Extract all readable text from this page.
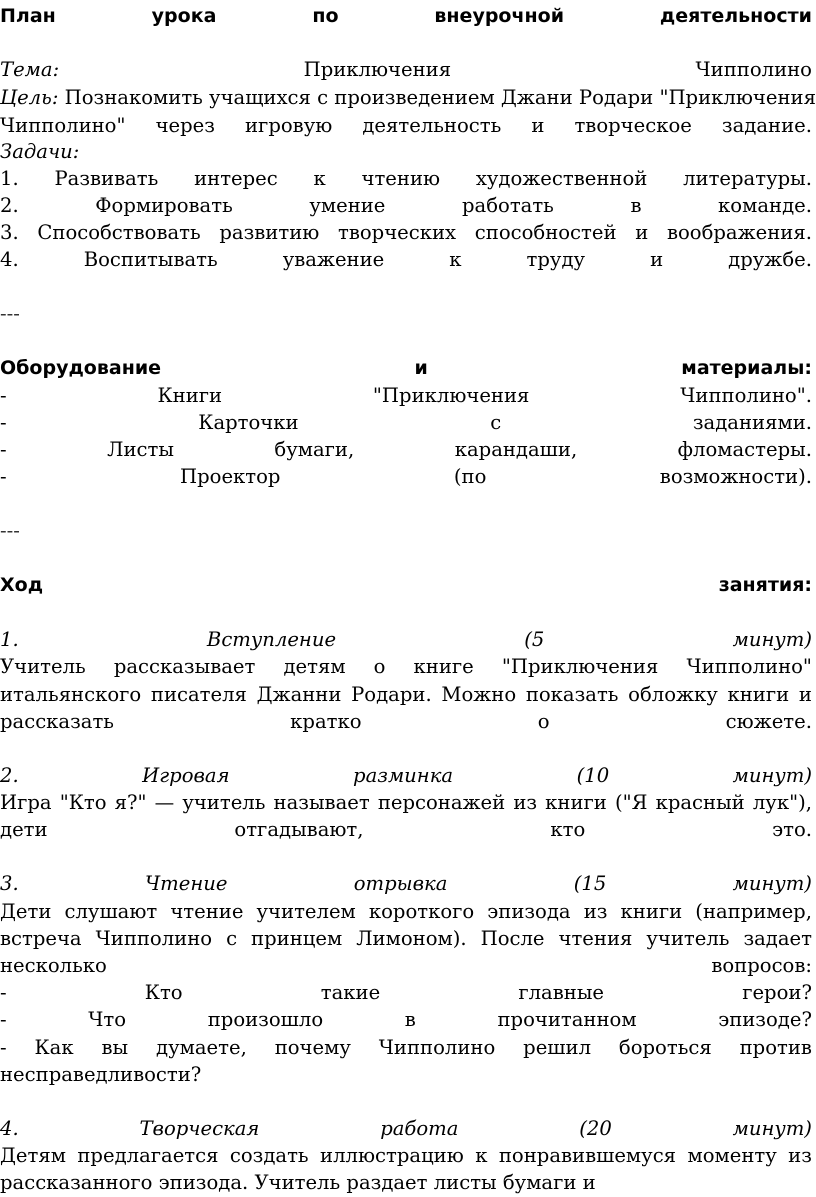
План	урока	по	внеурочной	деятельности
Тема:	Приключения	Чипполино
Цель: Познакомить учащихся с произведением Джани Родари "Приключения
Чипполино" через игровую деятельность и творческое задание.
Задачи:
1. Развивать интерес к чтению художественной литературы.
2.	Формировать	умение	работать	в	команде.
3. Способствовать развитию творческих способностей и воображения.
4.	Воспитывать	уважение	к	труду	и	дружбе.
---
Оборудование	и	материалы:
-	Книги	"Приключения	Чипполино".
-	Карточки	с	заданиями.
-	Листы	бумаги,	карандаши,	фломастеры.
-	Проектор	(по	возможности).
---
Ход	занятия:
1.	Вступление	(5	минут)
Учитель рассказывает детям о книге "Приключения Чипполино"
итальянского писателя Джанни Родари. Можно показать обложку книги и
рассказать	кратко	о	сюжете.
2.	Игровая	разминка	(10	минут)
Игра "Кто я?" — учитель называет персонажей из книги ("Я красный лук"),
дети	отгадывают,	кто	это.
3.	Чтение	отрывка	(15	минут)
Дети слушают чтение учителем короткого эпизода из книги (например,
встреча Чипполино с принцем Лимоном). После чтения учитель задает
несколько	вопросов:
-	Кто	такие	главные	герои?
-	Что	произошло	в	прочитанном	эпизоде?
- Как вы думаете, почему Чипполино решил бороться против
несправедливости?
4.	Творческая	работа	(20	минут)
Детям предлагается создать иллюстрацию к понравившемуся моменту из
рассказанного эпизода. Учитель раздает листы бумаги и
